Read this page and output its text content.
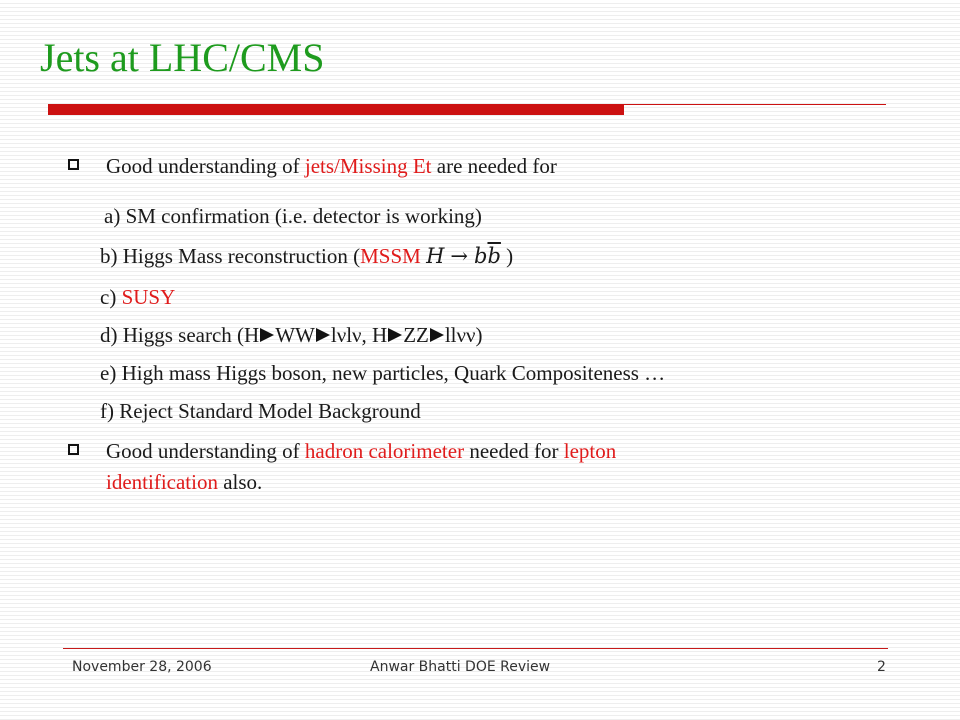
Jets at LHC/CMS
Good understanding of jets/Missing Et are needed for
a) SM confirmation (i.e. detector is working)
b) Higgs Mass reconstruction (MSSM $H \to b\overline{b}$ )
c) SUSY
d) Higgs search (H WW lνlν, H ZZ llνν)
e) High mass Higgs boson, new particles, Quark Compositeness …
f) Reject Standard Model Background
Good understanding of hadron calorimeter needed for lepton
identification also.
November 28, 2006	Anwar Bhatti DOE Review	2
